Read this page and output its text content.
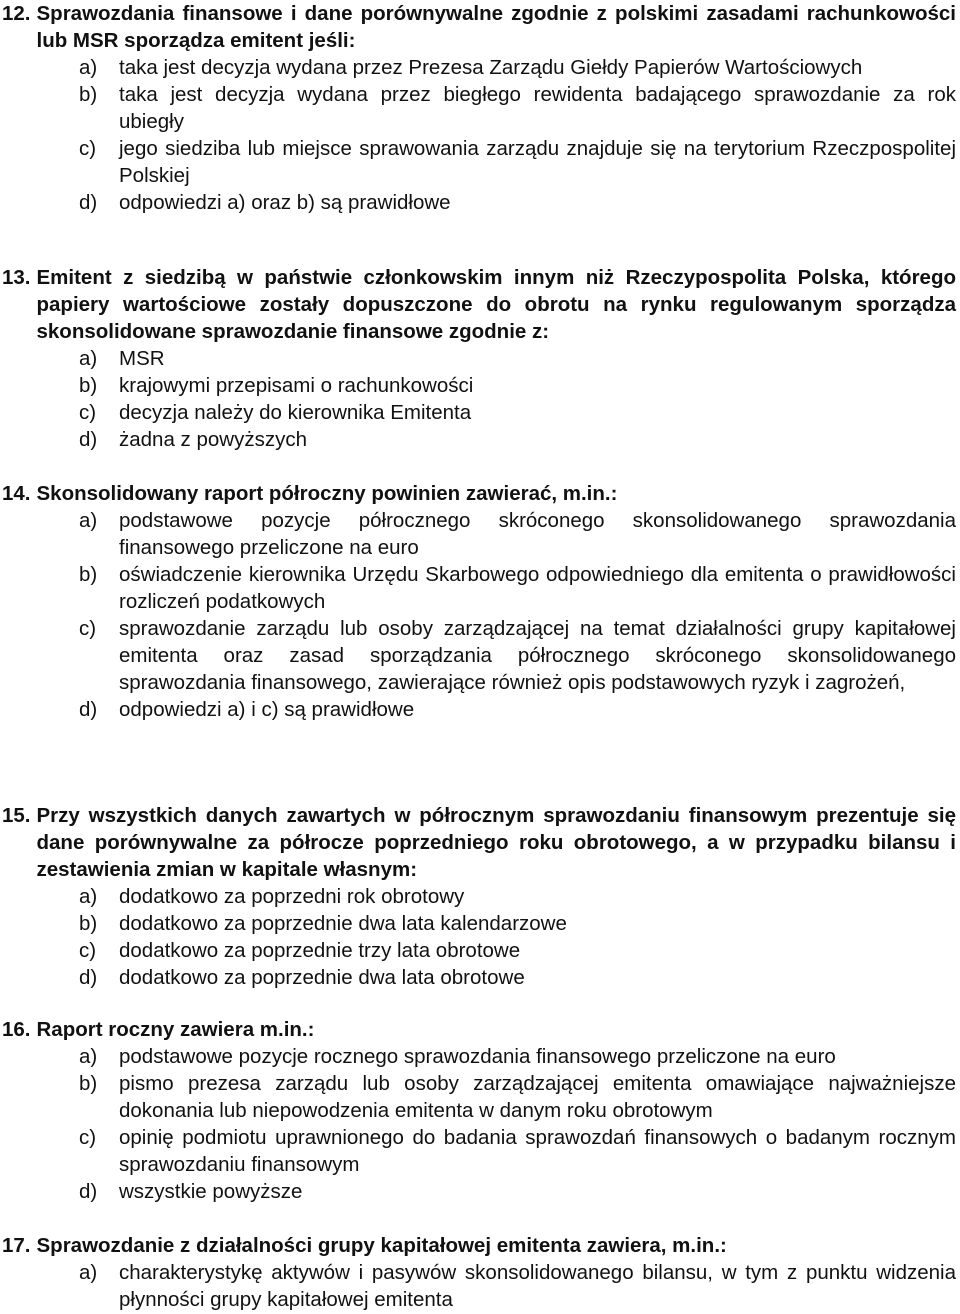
12. Sprawozdania finansowe i dane porównywalne zgodnie z polskimi zasadami rachunkowości lub MSR sporządza emitent jeśli:
a)	taka jest decyzja wydana przez Prezesa Zarządu Giełdy Papierów Wartościowych
b)	taka jest decyzja wydana przez biegłego rewidenta badającego sprawozdanie za rok ubiegły
c)	jego siedziba lub miejsce sprawowania zarządu znajduje się na terytorium Rzeczpospolitej Polskiej
d)	odpowiedzi a) oraz b) są prawidłowe
13. Emitent z siedzibą w państwie członkowskim innym niż Rzeczypospolita Polska, którego papiery wartościowe zostały dopuszczone do obrotu na rynku regulowanym sporządza skonsolidowane sprawozdanie finansowe zgodnie z:
a)	MSR
b)	krajowymi przepisami o rachunkowości
c)	decyzja należy do kierownika Emitenta
d)	żadna z powyższych
14. Skonsolidowany raport półroczny powinien zawierać, m.in.:
a)	podstawowe pozycje półrocznego skróconego skonsolidowanego sprawozdania finansowego przeliczone na euro
b)	oświadczenie kierownika Urzędu Skarbowego odpowiedniego dla emitenta o prawidłowości rozliczeń podatkowych
c)	sprawozdanie zarządu lub osoby zarządzającej na temat działalności grupy kapitałowej emitenta oraz zasad sporządzania półrocznego skróconego skonsolidowanego sprawozdania finansowego, zawierające również opis podstawowych ryzyk i zagrożeń,
d)	odpowiedzi a) i c) są prawidłowe
15. Przy wszystkich danych zawartych w półrocznym sprawozdaniu finansowym prezentuje się dane porównywalne za półrocze poprzedniego roku obrotowego, a w przypadku bilansu i zestawienia zmian w kapitale własnym:
a)	dodatkowo za poprzedni rok obrotowy
b)	dodatkowo za poprzednie dwa lata kalendarzowe
c)	dodatkowo za poprzednie trzy lata obrotowe
d)	dodatkowo za poprzednie dwa lata obrotowe
16. Raport roczny zawiera m.in.:
a)	podstawowe pozycje rocznego sprawozdania finansowego przeliczone na euro
b)	pismo prezesa zarządu lub osoby zarządzającej emitenta omawiające najważniejsze dokonania lub niepowodzenia emitenta w danym roku obrotowym
c)	opinię podmiotu uprawnionego do badania sprawozdań finansowych o badanym rocznym sprawozdaniu finansowym
d)	wszystkie powyższe
17. Sprawozdanie z działalności grupy kapitałowej emitenta zawiera, m.in.:
a)	charakterystykę aktywów i pasywów skonsolidowanego bilansu, w tym z punktu widzenia płynności grupy kapitałowej emitenta
